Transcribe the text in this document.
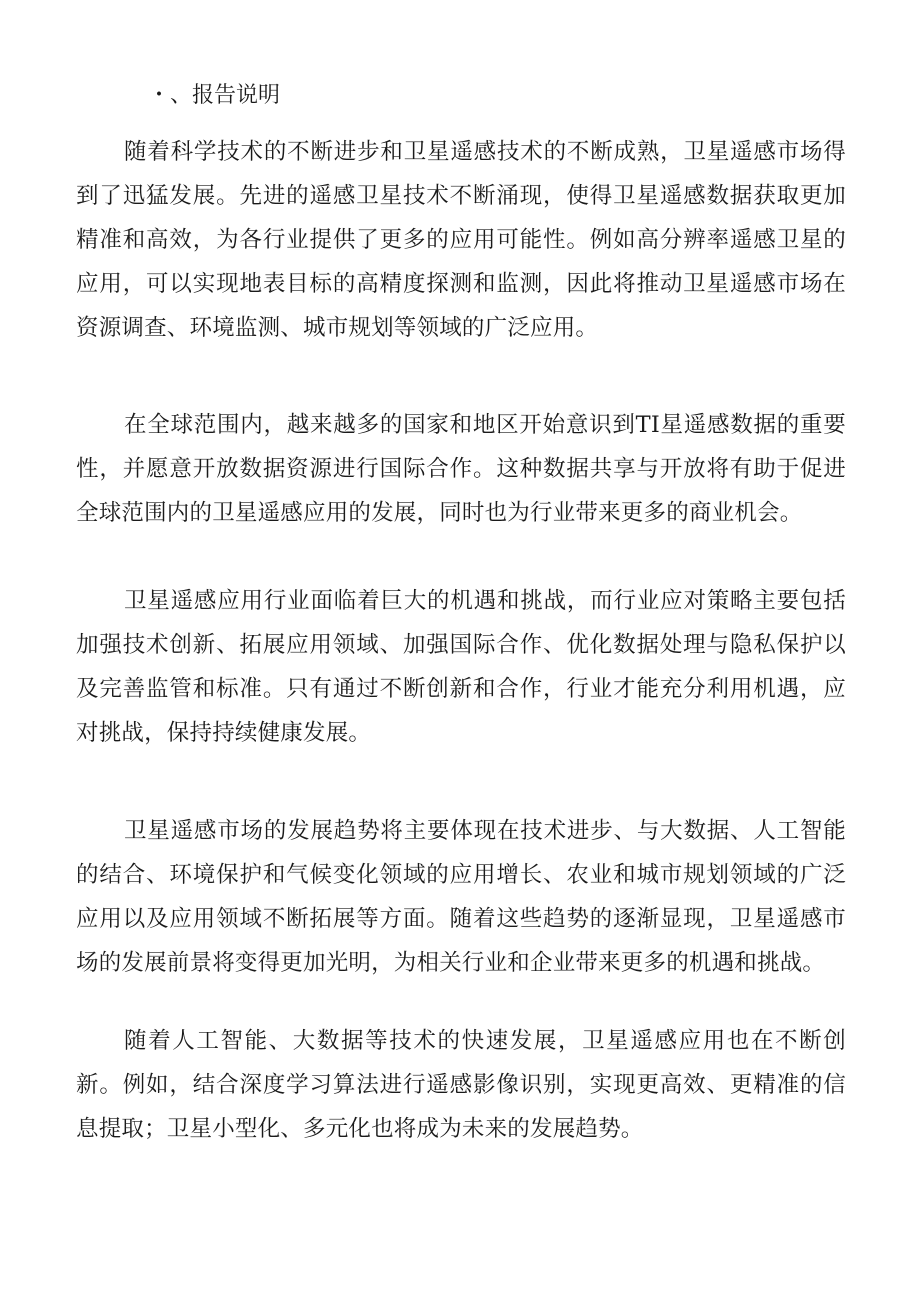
・、报告说明

随着科学技术的不断进步和卫星遥感技术的不断成熟，卫星遥感市场得到了迅猛发展。先进的遥感卫星技术不断涌现，使得卫星遥感数据获取更加精准和高效，为各行业提供了更多的应用可能性。例如高分辨率遥感卫星的应用，可以实现地表目标的高精度探测和监测，因此将推动卫星遥感市场在资源调查、环境监测、城市规划等领域的广泛应用。

在全球范围内，越来越多的国家和地区开始意识到TI星遥感数据的重要性，并愿意开放数据资源进行国际合作。这种数据共享与开放将有助于促进全球范围内的卫星遥感应用的发展，同时也为行业带来更多的商业机会。

卫星遥感应用行业面临着巨大的机遇和挑战，而行业应对策略主要包括加强技术创新、拓展应用领域、加强国际合作、优化数据处理与隐私保护以及完善监管和标准。只有通过不断创新和合作，行业才能充分利用机遇，应对挑战，保持持续健康发展。

卫星遥感市场的发展趋势将主要体现在技术进步、与大数据、人工智能的结合、环境保护和气候变化领域的应用增长、农业和城市规划领域的广泛应用以及应用领域不断拓展等方面。随着这些趋势的逐渐显现，卫星遥感市场的发展前景将变得更加光明，为相关行业和企业带来更多的机遇和挑战。

随着人工智能、大数据等技术的快速发展，卫星遥感应用也在不断创新。例如，结合深度学习算法进行遥感影像识别，实现更高效、更精准的信息提取；卫星小型化、多元化也将成为未来的发展趋势。
